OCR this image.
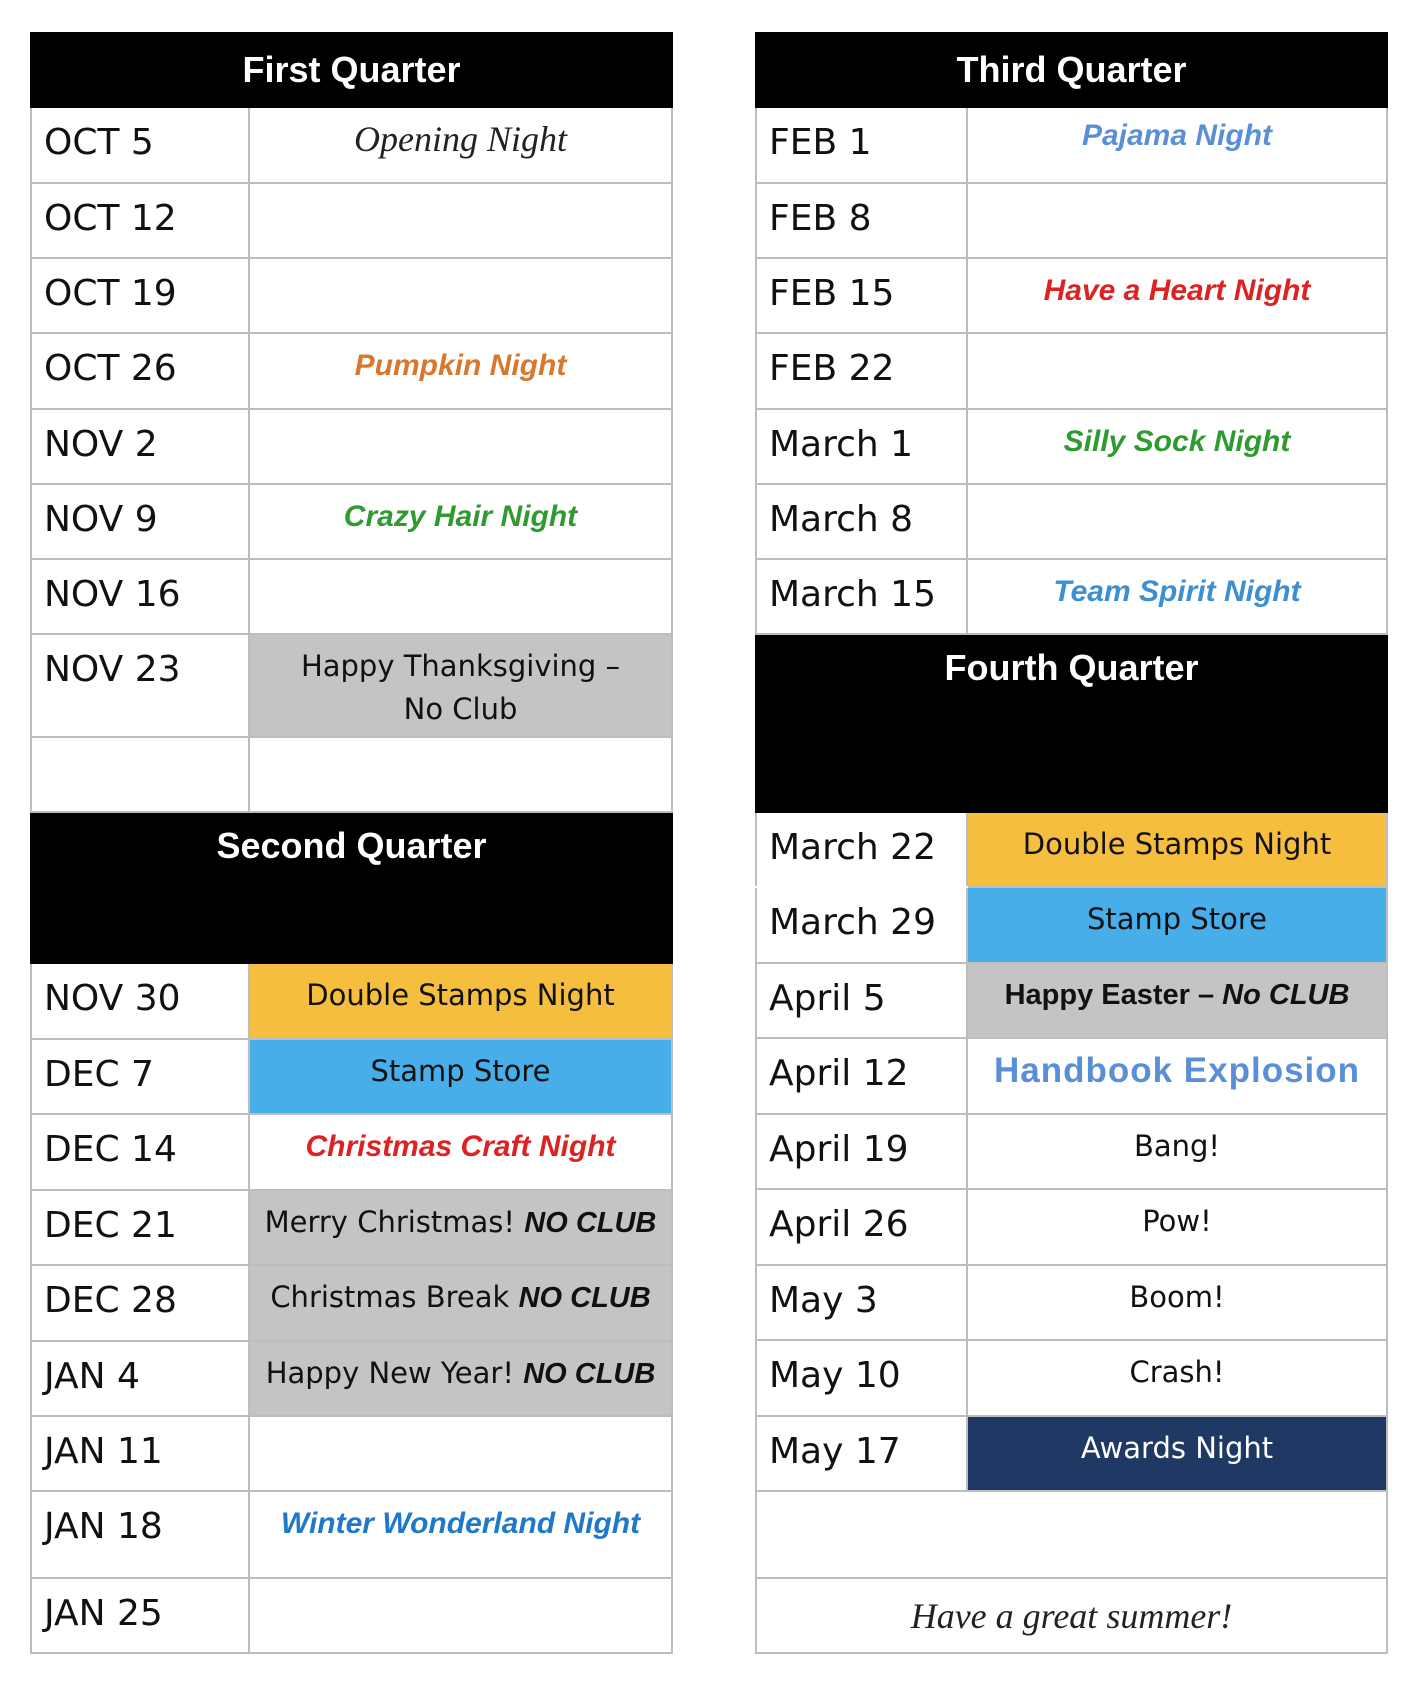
First Quarter	
OCT 5	Opening Night
OCT 12	
OCT 19	
OCT 26	Pumpkin Night
NOV 2	
NOV 9	Crazy Hair Night
NOV 16	
NOV 23	Happy Thanksgiving –
No Club

Second Quarter	

NOV 30	Double Stamps Night
DEC 7	Stamp Store
DEC 14	Christmas Craft Night
DEC 21	Merry Christmas! NO CLUB
DEC 28	Christmas Break NO CLUB
JAN 4	Happy New Year! NO CLUB
JAN 11	
JAN 18	Winter Wonderland Night
JAN 25	
Third Quarter	
FEB 1	Pajama Night
FEB 8	
FEB 15	Have a Heart Night
FEB 22	
March 1	Silly Sock Night
March 8	
March 15	Team Spirit Night
Fourth Quarter	

March 22	Double Stamps Night
March 29	Stamp Store
April 5	Happy Easter – No CLUB
April 12	Handbook Explosion
April 19	Bang!
April 26	Pow!
May 3	Boom!
May 10	Crash!
May 17	Awards Night

Have a great summer!	
